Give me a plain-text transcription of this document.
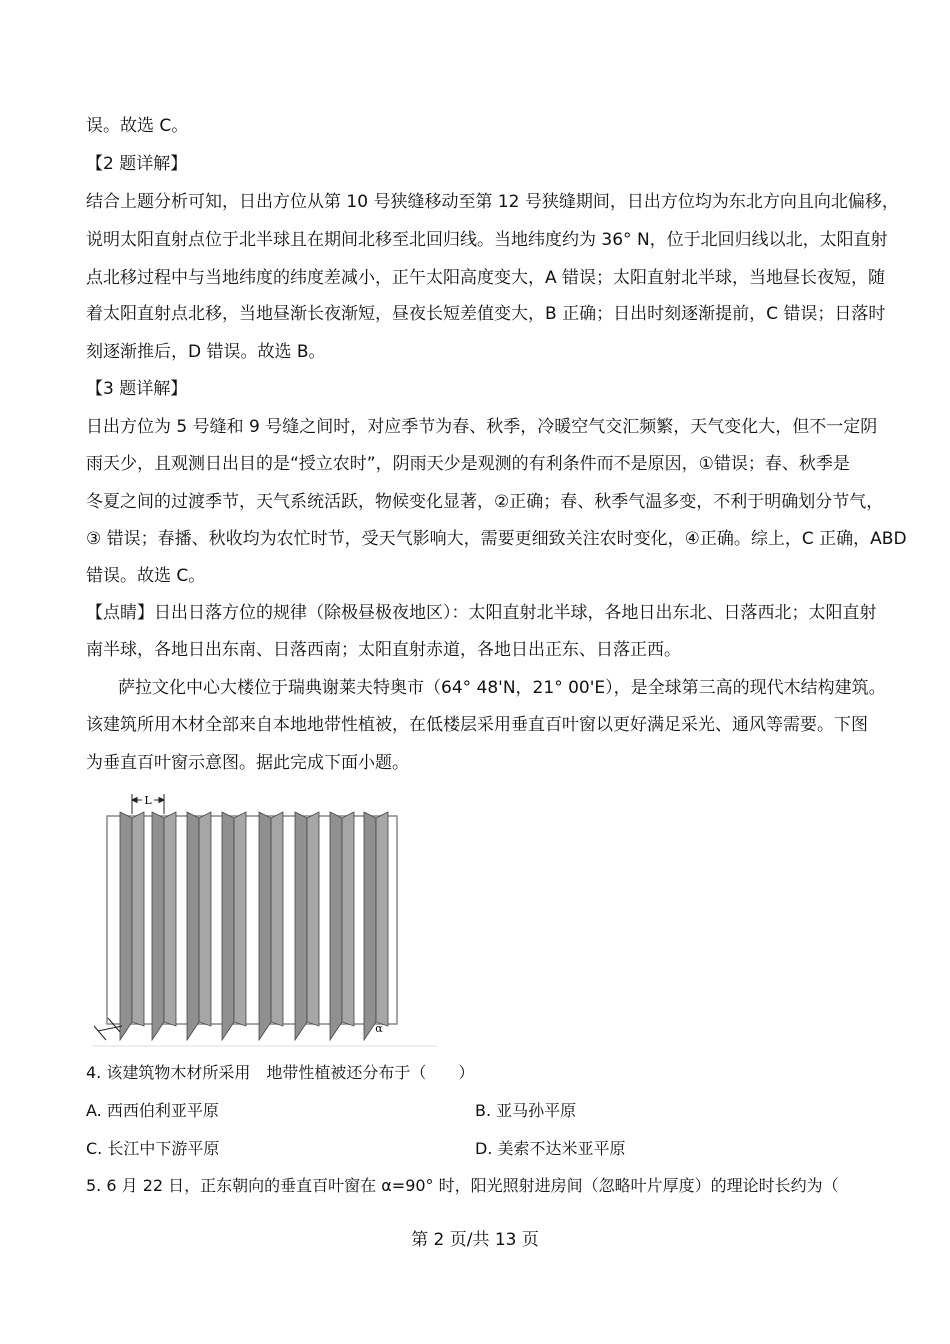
误。故选 C。
【2 题详解】
结合上题分析可知，日出方位从第 10 号狭缝移动至第 12 号狭缝期间，日出方位均为东北方向且向北偏移，
说明太阳直射点位于北半球且在期间北移至北回归线。当地纬度约为 36° N，位于北回归线以北，太阳直射
点北移过程中与当地纬度的纬度差减小，正午太阳高度变大，A 错误；太阳直射北半球，当地昼长夜短，随
着太阳直射点北移，当地昼渐长夜渐短，昼夜长短差值变大，B 正确；日出时刻逐渐提前，C 错误；日落时
刻逐渐推后，D 错误。故选 B。
【3 题详解】
日出方位为 5 号缝和 9 号缝之间时，对应季节为春、秋季，冷暖空气交汇频繁，天气变化大，但不一定阴
雨天少，且观测日出目的是“授立农时”，阴雨天少是观测的有利条件而不是原因，①错误；春、秋季是
冬夏之间的过渡季节，天气系统活跃，物候变化显著，②正确；春、秋季气温多变，不利于明确划分节气，
③ 错误；春播、秋收均为农忙时节，受天气影响大，需要更细致关注农时变化，④正确。综上，C 正确，ABD
错误。故选 C。
【点睛】日出日落方位的规律（除极昼极夜地区）：太阳直射北半球，各地日出东北、日落西北；太阳直射
南半球，各地日出东南、日落西南；太阳直射赤道，各地日出正东、日落正西。
萨拉文化中心大楼位于瑞典谢莱夫特奥市（64° 48'N，21° 00'E），是全球第三高的现代木结构建筑。
该建筑所用木材全部来自本地地带性植被，在低楼层采用垂直百叶窗以更好满足采光、通风等需要。下图
为垂直百叶窗示意图。据此完成下面小题。
L
α
4. 该建筑物木材所采用　地带性植被还分布于（　　）
A. 西西伯利亚平原	B. 亚马孙平原
C. 长江中下游平原	D. 美索不达米亚平原
5. 6 月 22 日，正东朝向的垂直百叶窗在 α=90° 时，阳光照射进房间（忽略叶片厚度）的理论时长约为（
第 2 页/共 13 页
